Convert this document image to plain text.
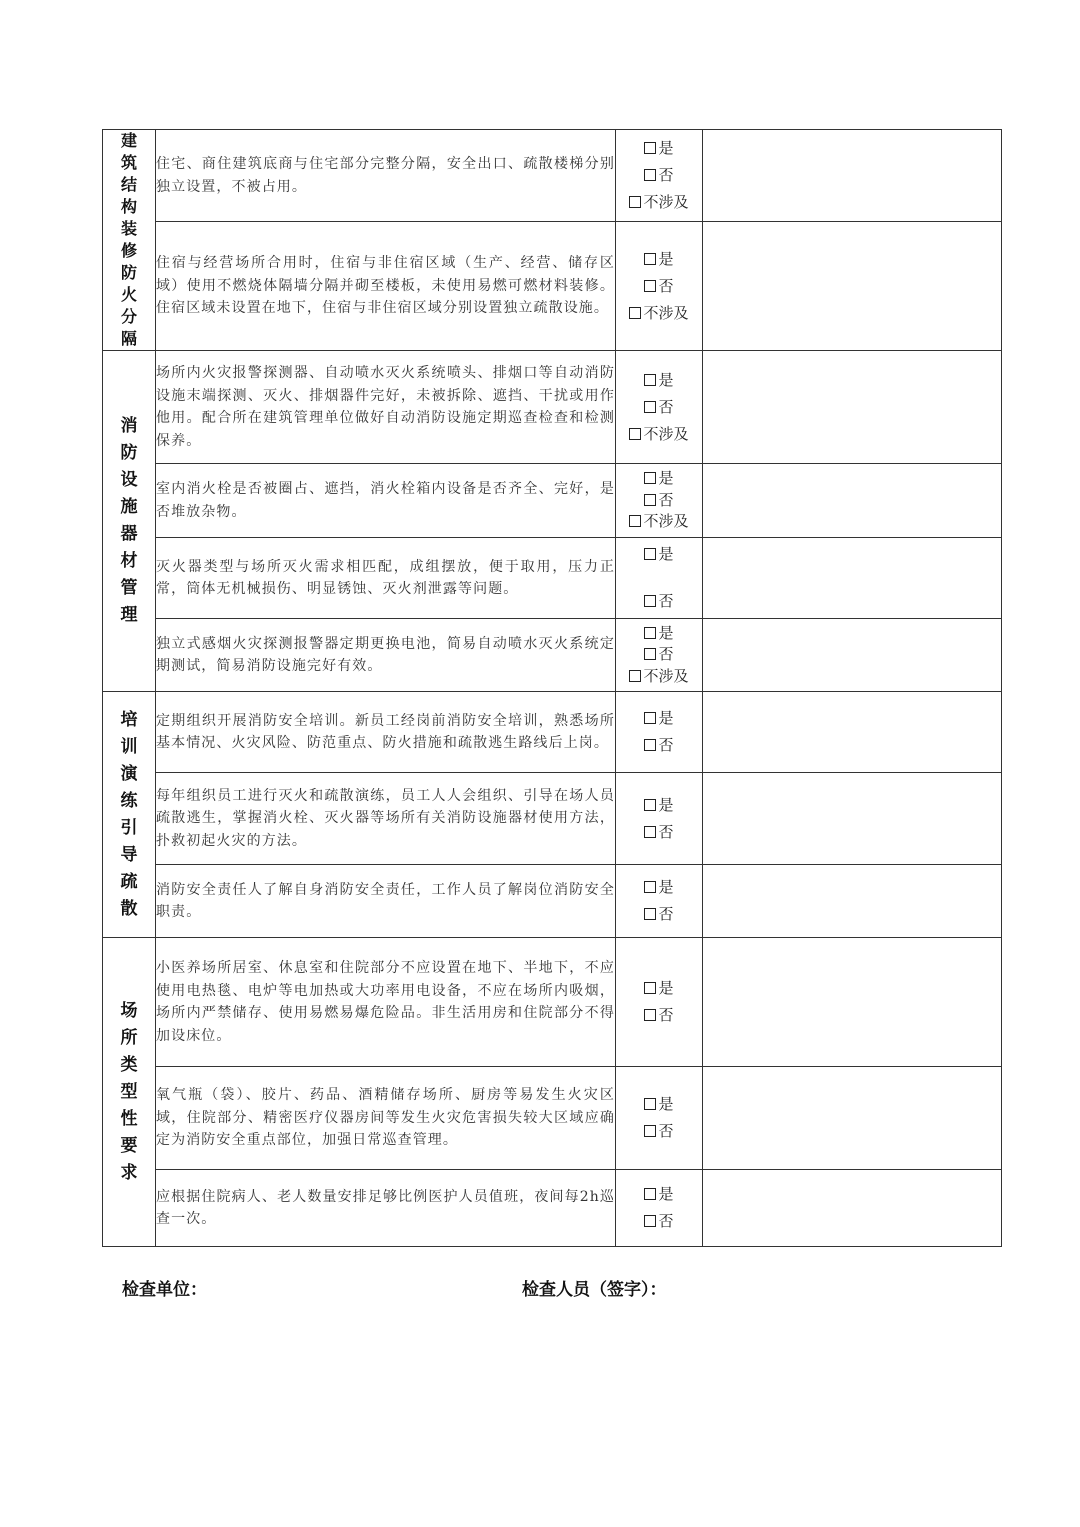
建筑结构装修防火分隔	住宅、商住建筑底商与住宅部分完整分隔，安全出口、疏散楼梯分别独立设置，不被占用。	是
否
不涉及	

	住宿与经营场所合用时，住宿与非住宿区域（生产、经营、储存区域）使用不燃烧体隔墙分隔并砌至楼板，未使用易燃可燃材料装修。住宿区域未设置在地下，住宿与非住宿区域分别设置独立疏散设施。	是
否
不涉及	

消防设施器材管理	场所内火灾报警探测器、自动喷水灭火系统喷头、排烟口等自动消防设施末端探测、灭火、排烟器件完好，未被拆除、遮挡、干扰或用作他用。配合所在建筑管理单位做好自动消防设施定期巡查检查和检测保养。	是
否
不涉及	

	室内消火栓是否被圈占、遮挡，消火栓箱内设备是否齐全、完好，是否堆放杂物。	是
否
不涉及	

	灭火器类型与场所灭火需求相匹配，成组摆放，便于取用，压力正常，筒体无机械损伤、明显锈蚀、灭火剂泄露等问题。	是
否	

	独立式感烟火灾探测报警器定期更换电池，简易自动喷水灭火系统定期测试，简易消防设施完好有效。	是
否
不涉及	

培训演练引导疏散	定期组织开展消防安全培训。新员工经岗前消防安全培训，熟悉场所基本情况、火灾风险、防范重点、防火措施和疏散逃生路线后上岗。	是
否	

	每年组织员工进行灭火和疏散演练，员工人人会组织、引导在场人员疏散逃生，掌握消火栓、灭火器等场所有关消防设施器材使用方法，扑救初起火灾的方法。	是
否	

	消防安全责任人了解自身消防安全责任，工作人员了解岗位消防安全职责。	是
否	

场所类型性要求	小医养场所居室、休息室和住院部分不应设置在地下、半地下，不应使用电热毯、电炉等电加热或大功率用电设备，不应在场所内吸烟，场所内严禁储存、使用易燃易爆危险品。非生活用房和住院部分不得加设床位。	是
否	

	氧气瓶（袋）、胶片、药品、酒精储存场所、厨房等易发生火灾区域，住院部分、精密医疗仪器房间等发生火灾危害损失较大区域应确定为消防安全重点部位，加强日常巡查管理。	是
否	

	应根据住院病人、老人数量安排足够比例医护人员值班，夜间每2h巡查一次。	是
否	

检查单位：	检查人员（签字）：
